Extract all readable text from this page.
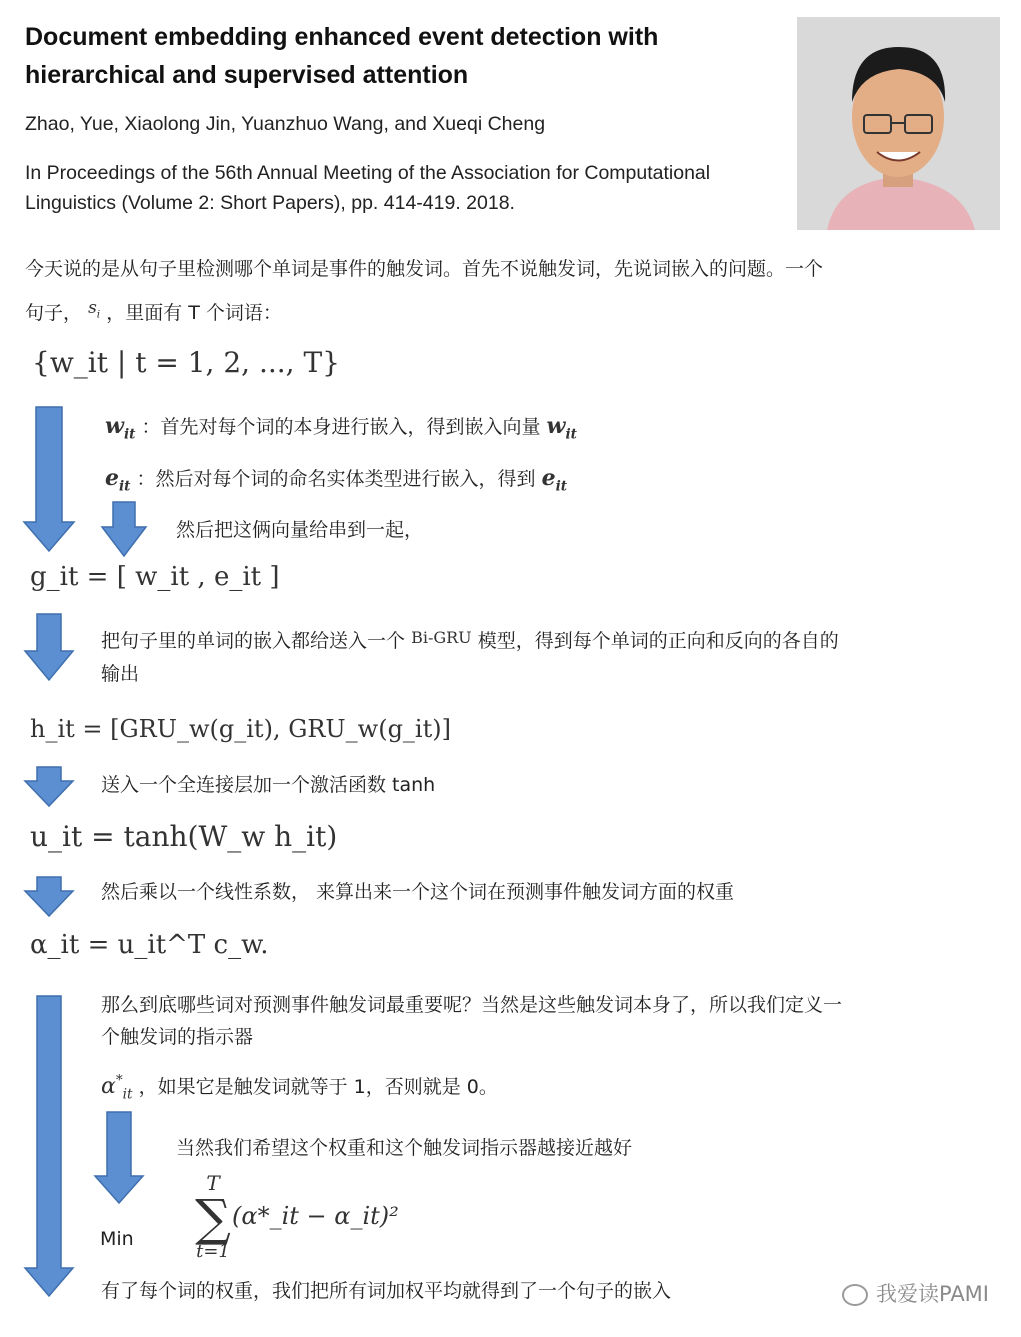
Document embedding enhanced event detection with
hierarchical and supervised attention
Zhao, Yue, Xiaolong Jin, Yuanzhuo Wang, and Xueqi Cheng
In Proceedings of the 56th Annual Meeting of the Association for Computational
Linguistics (Volume 2: Short Papers), pp. 414-419. 2018.
今天说的是从句子里检测哪个单词是事件的触发词。首先不说触发词，先说词嵌入的问题。一个
句子， $s_i$ ，里面有 T 个词语：
{w_it | t = 1, 2, ..., T}
$w_{it}$ ：首先对每个词的本身进行嵌入，得到嵌入向量 $w_{it}$
$e_{it}$ ：然后对每个词的命名实体类型进行嵌入，得到 $e_{it}$
然后把这俩向量给串到一起，
g_it = [ w_it , e_it ]
把句子里的单词的嵌入都给送入一个 $^{Bi-GRU}$ 模型，得到每个单词的正向和反向的各自的
输出
h_it = [GRU_w(g_it), GRU_w(g_it)]
送入一个全连接层加一个激活函数 tanh
u_it = tanh(W_w h_it)
然后乘以一个线性系数， 来算出来一个这个词在预测事件触发词方面的权重
α_it = u_it^T c_w.
那么到底哪些词对预测事件触发词最重要呢？当然是这些触发词本身了，所以我们定义一
个触发词的指示器
$\alpha^*_{it}$ ，如果它是触发词就等于 1，否则就是 0。
当然我们希望这个权重和这个触发词指示器越接近越好
Min
T
∑
t=1
(α*_it − α_it)²
有了每个词的权重，我们把所有词加权平均就得到了一个句子的嵌入	我爱读PAMI
